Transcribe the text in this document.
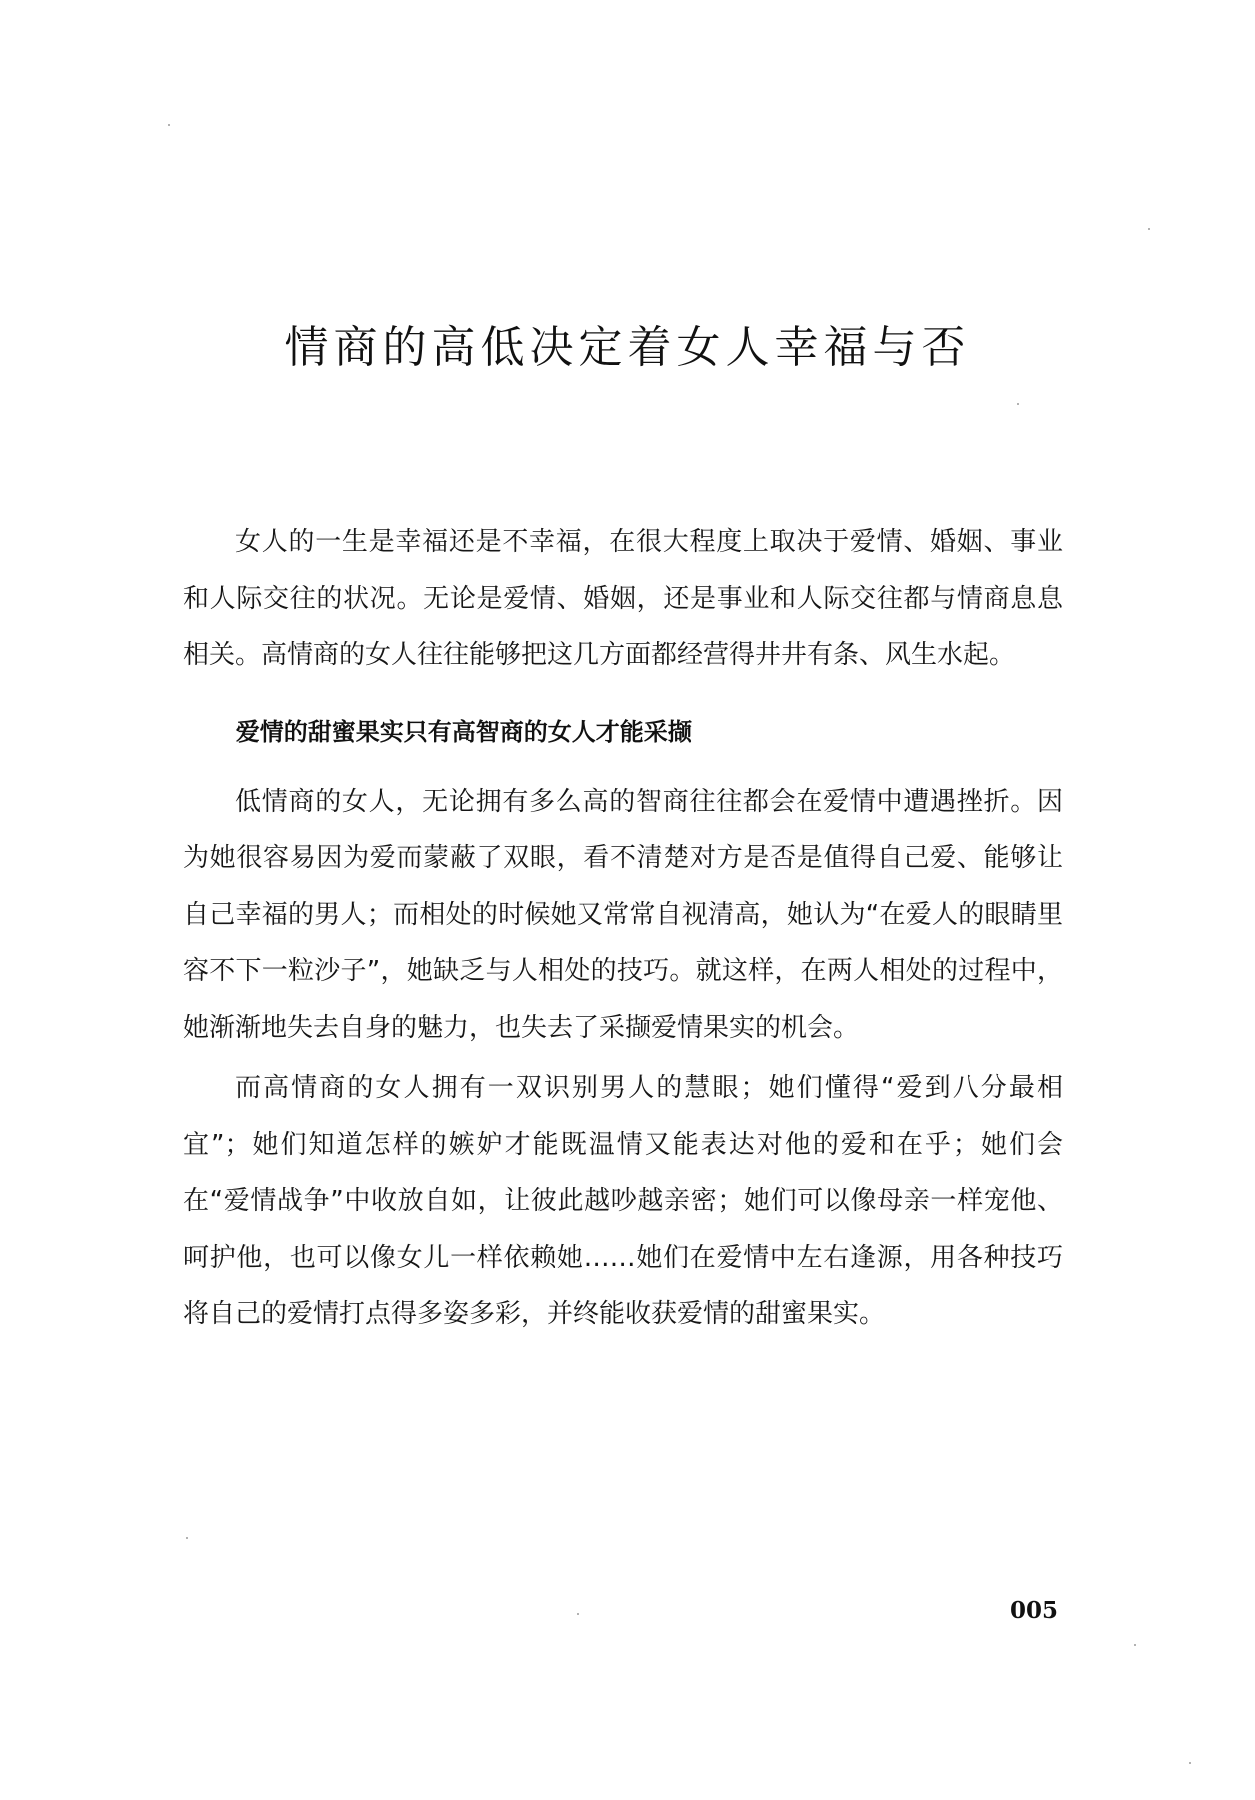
情商的高低决定着女人幸福与否

女人的一生是幸福还是不幸福，在很大程度上取决于爱情、婚姻、事业和人际交往的状况。无论是爱情、婚姻，还是事业和人际交往都与情商息息相关。高情商的女人往往能够把这几方面都经营得井井有条、风生水起。

爱情的甜蜜果实只有高智商的女人才能采撷

低情商的女人，无论拥有多么高的智商往往都会在爱情中遭遇挫折。因为她很容易因为爱而蒙蔽了双眼，看不清楚对方是否是值得自己爱、能够让自己幸福的男人；而相处的时候她又常常自视清高，她认为“在爱人的眼睛里容不下一粒沙子”，她缺乏与人相处的技巧。就这样，在两人相处的过程中，她渐渐地失去自身的魅力，也失去了采撷爱情果实的机会。

而高情商的女人拥有一双识别男人的慧眼；她们懂得“爱到八分最相宜”；她们知道怎样的嫉妒才能既温情又能表达对他的爱和在乎；她们会在“爱情战争”中收放自如，让彼此越吵越亲密；她们可以像母亲一样宠他、呵护他，也可以像女儿一样依赖她……她们在爱情中左右逢源，用各种技巧将自己的爱情打点得多姿多彩，并终能收获爱情的甜蜜果实。

005
